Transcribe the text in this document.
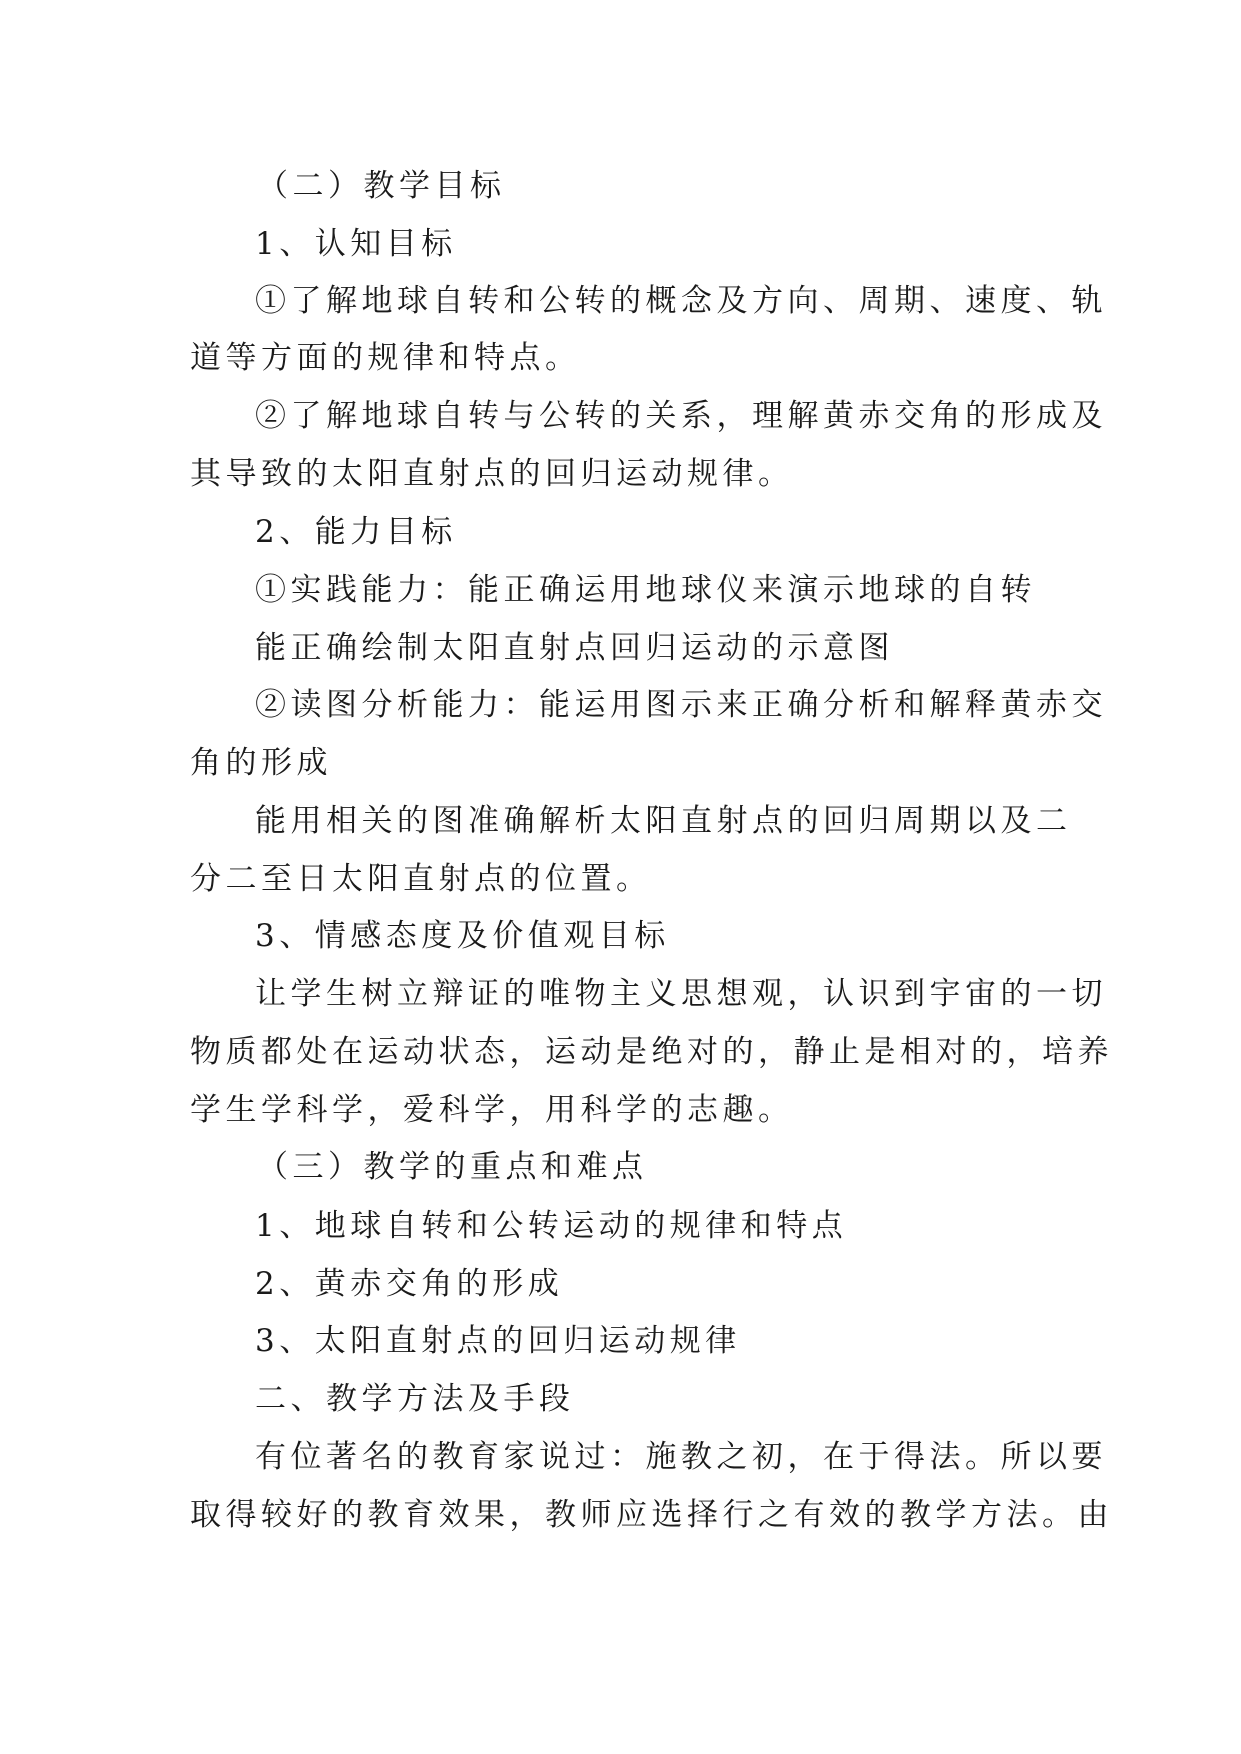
（二）教学目标
1、认知目标
①了解地球自转和公转的概念及方向、周期、速度、轨
道等方面的规律和特点。
②了解地球自转与公转的关系，理解黄赤交角的形成及
其导致的太阳直射点的回归运动规律。
2、能力目标
①实践能力：能正确运用地球仪来演示地球的自转
能正确绘制太阳直射点回归运动的示意图
②读图分析能力：能运用图示来正确分析和解释黄赤交
角的形成
能用相关的图准确解析太阳直射点的回归周期以及二
分二至日太阳直射点的位置。
3、情感态度及价值观目标
让学生树立辩证的唯物主义思想观，认识到宇宙的一切
物质都处在运动状态，运动是绝对的，静止是相对的，培养
学生学科学，爱科学，用科学的志趣。
（三）教学的重点和难点
1、地球自转和公转运动的规律和特点
2、黄赤交角的形成
3、太阳直射点的回归运动规律
二、教学方法及手段
有位著名的教育家说过：施教之初，在于得法。所以要
取得较好的教育效果，教师应选择行之有效的教学方法。由
